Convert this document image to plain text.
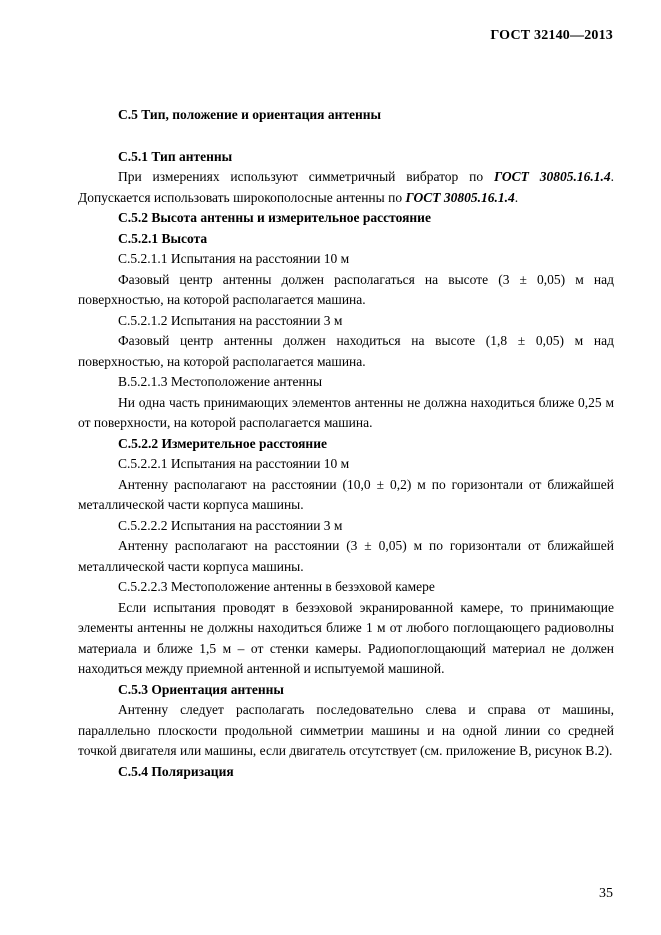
ГОСТ 32140—2013

С.5 Тип, положение и ориентация антенны

С.5.1 Тип антенны

При измерениях используют симметричный вибратор по ГОСТ 30805.16.1.4. Допускается использовать широкополосные антенны по ГОСТ 30805.16.1.4.

С.5.2 Высота антенны и измерительное расстояние

С.5.2.1 Высота

С.5.2.1.1 Испытания на расстоянии 10 м

Фазовый центр антенны должен располагаться на высоте (3 ± 0,05) м над поверхностью, на которой располагается машина.

С.5.2.1.2 Испытания на расстоянии 3 м

Фазовый центр антенны должен находиться на высоте (1,8 ± 0,05) м над поверхностью, на которой располагается машина.

В.5.2.1.3 Местоположение антенны

Ни одна часть принимающих элементов антенны не должна находиться ближе 0,25 м от поверхности, на которой располагается машина.

С.5.2.2 Измерительное расстояние

С.5.2.2.1 Испытания на расстоянии 10 м

Антенну располагают на расстоянии (10,0 ± 0,2) м по горизонтали от ближайшей металлической части корпуса машины.

С.5.2.2.2 Испытания на расстоянии 3 м

Антенну располагают на расстоянии (3 ± 0,05) м по горизонтали от ближайшей металлической части корпуса машины.

С.5.2.2.3 Местоположение антенны в безэховой камере

Если испытания проводят в безэховой экранированной камере, то принимающие элементы антенны не должны находиться ближе 1 м от любого поглощающего радиоволны материала и ближе 1,5 м – от стенки камеры. Радиопоглощающий материал не должен находиться между приемной антенной и испытуемой машиной.

С.5.3 Ориентация антенны

Антенну следует располагать последовательно слева и справа от машины, параллельно плоскости продольной симметрии машины и на одной линии со средней точкой двигателя или машины, если двигатель отсутствует (см. приложение В, рисунок В.2).

С.5.4 Поляризация

35
